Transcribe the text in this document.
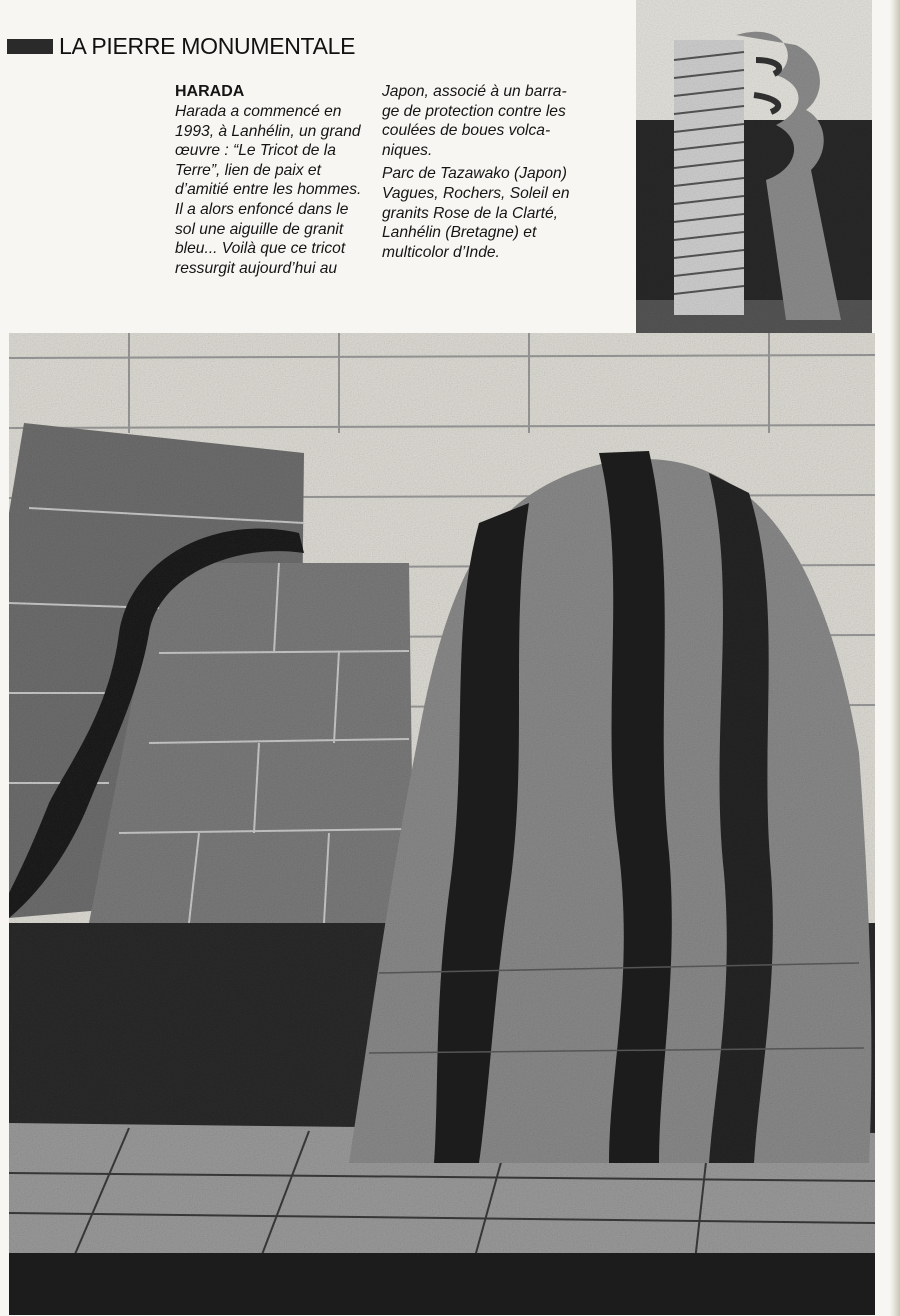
LA PIERRE MONUMENTALE
HARADA
Harada a commencé en
1993, à Lanhélin, un grand
œuvre : “Le Tricot de la
Terre”, lien de paix et
d’amitié entre les hommes.
Il a alors enfoncé dans le
sol une aiguille de granit
bleu... Voilà que ce tricot
ressurgit aujourd’hui au
Japon, associé à un barra-
ge de protection contre les
coulées de boues volca-
niques.
Parc de Tazawako (Japon)
Vagues, Rochers, Soleil en
granits Rose de la Clarté,
Lanhélin (Bretagne) et
multicolor d’Inde.
